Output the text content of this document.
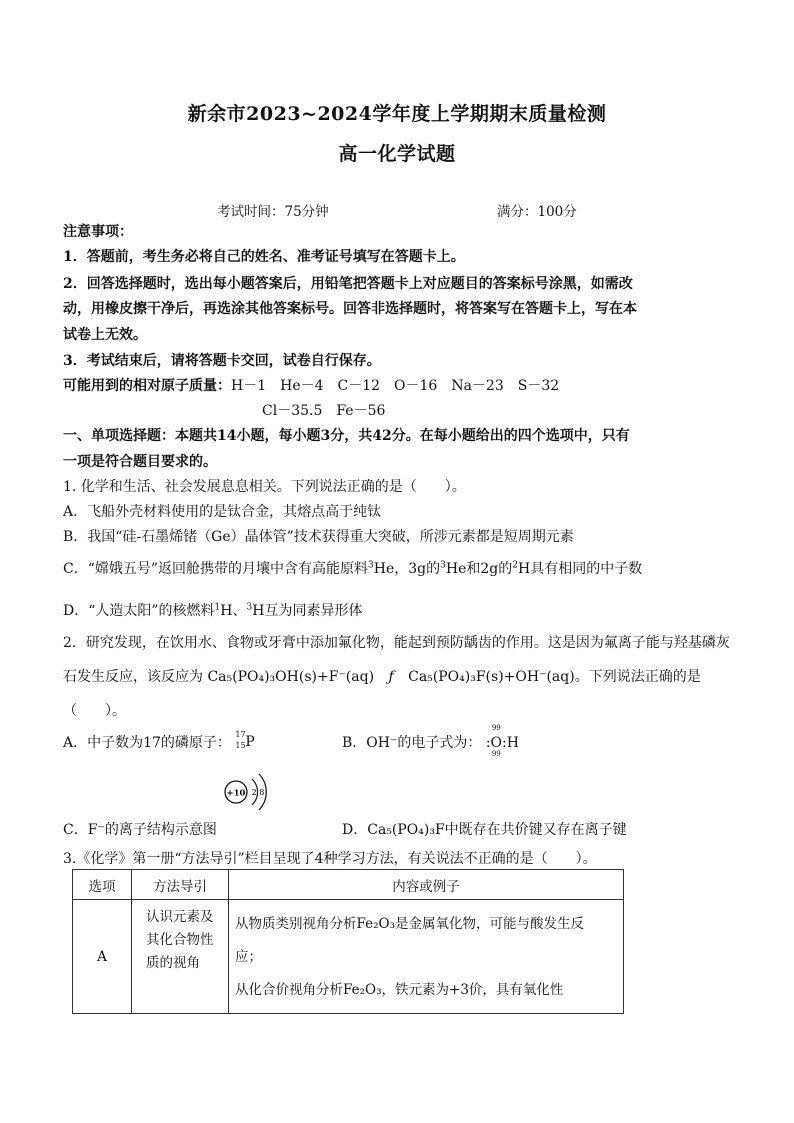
新余市2023~2024学年度上学期期末质量检测
高一化学试题
考试时间：75分钟	满分：100分
注意事项：
1．答题前，考生务必将自己的姓名、准考证号填写在答题卡上。
2．回答选择题时，选出每小题答案后，用铅笔把答题卡上对应题目的答案标号涂黑，如需改
动，用橡皮擦干净后，再选涂其他答案标号。回答非选择题时，将答案写在答题卡上，写在本
试卷上无效。
3．考试结束后，请将答题卡交回，试卷自行保存。
可能用到的相对原子质量：H－1　He－4　C－12　O－16　Na－23　S－32
Cl－35.5　Fe－56
一、单项选择题：本题共14小题，每小题3分，共42分。在每小题给出的四个选项中，只有
一项是符合题目要求的。
1. 化学和生活、社会发展息息相关。下列说法正确的是（　　）。
A．飞船外壳材料使用的是钛合金，其熔点高于纯钛
B．我国“硅-石墨烯锗（Ge）晶体管”技术获得重大突破，所涉元素都是短周期元素
C．“嫦娥五号”返回舱携带的月壤中含有高能原料$^3$He，3g的$^3$He和2g的$^2$H具有相同的中子数
D．“人造太阳”的核燃料$^1$H、$^3$H互为同素异形体
2．研究发现，在饮用水、食物或牙膏中添加氟化物，能起到预防龋齿的作用。这是因为氟离子能与羟基磷灰
石发生反应，该反应为 Ca₅(PO₄)₃OH(s)+F⁻(aq) ƒ Ca₅(PO₄)₃F(s)+OH⁻(aq)。下列说法正确的是
（　　）。
A．中子数为17的磷原子：
17
15 P	B．OH⁻的电子式为：
99
:O:H
99
+10 2 8
C．F⁻的离子结构示意图	D．Ca₅(PO₄)₃F中既存在共价键又存在离子键
3.《化学》第一册“方法导引”栏目呈现了4种学习方法，有关说法不正确的是（　　）。
选项	方法导引	内容或例子
A	认识元素及其化合物性质的视角	从物质类别视角分析Fe₂O₃是金属氧化物，可能与酸发生反
应；
从化合价视角分析Fe₂O₃，铁元素为+3价，具有氧化性
